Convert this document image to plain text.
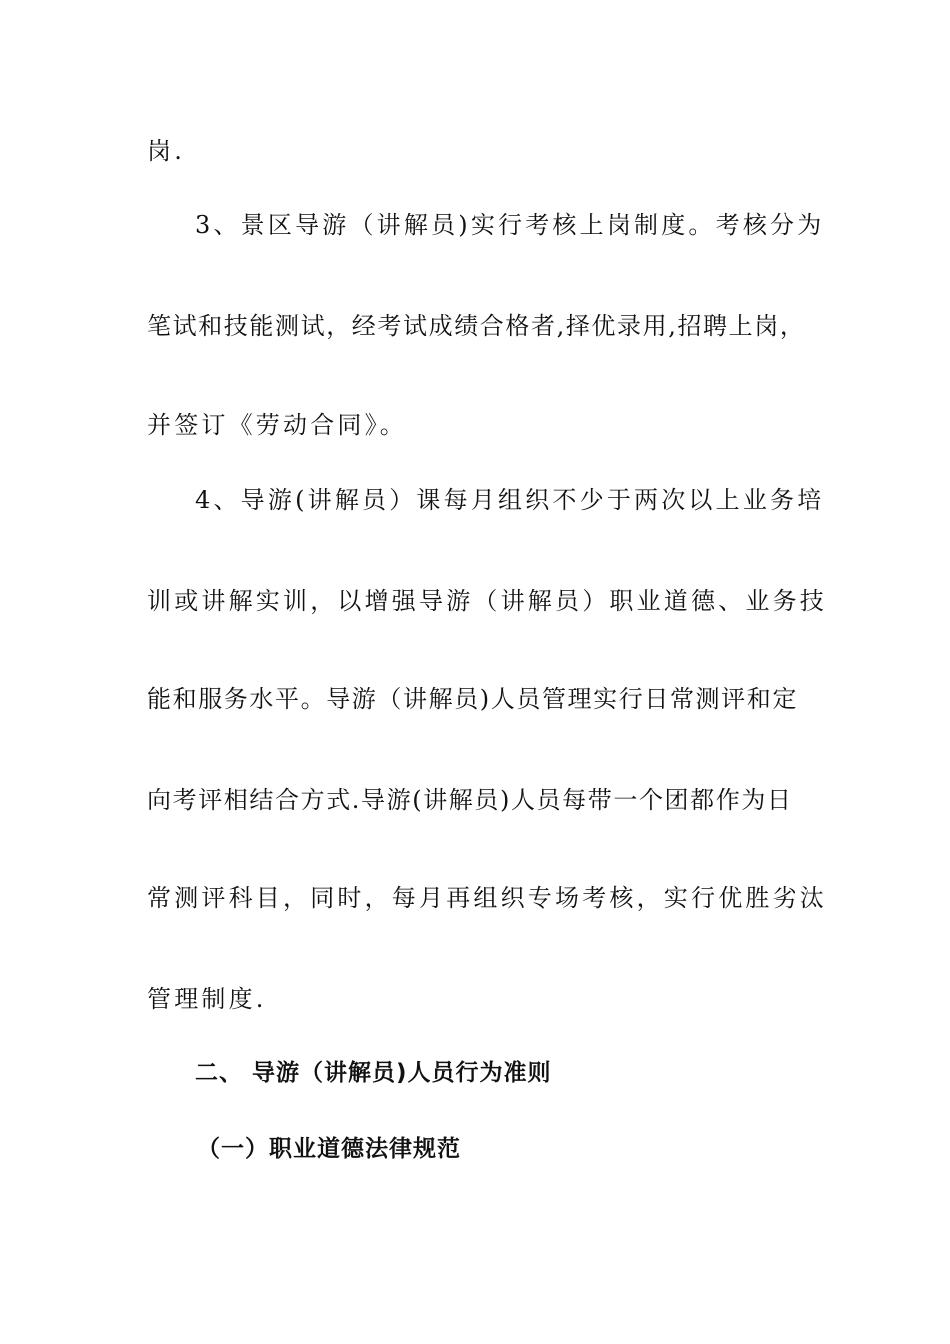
岗.
3、景区导游（讲解员)实行考核上岗制度。考核分为
笔试和技能测试，经考试成绩合格者,择优录用,招聘上岗，
并签订《劳动合同》。
4、导游(讲解员）课每月组织不少于两次以上业务培
训或讲解实训，以增强导游（讲解员）职业道德、业务技
能和服务水平。导游（讲解员)人员管理实行日常测评和定
向考评相结合方式.导游(讲解员)人员每带一个团都作为日
常测评科目，同时，每月再组织专场考核，实行优胜劣汰
管理制度.
二、 导游（讲解员)人员行为准则
（一）职业道德法律规范
